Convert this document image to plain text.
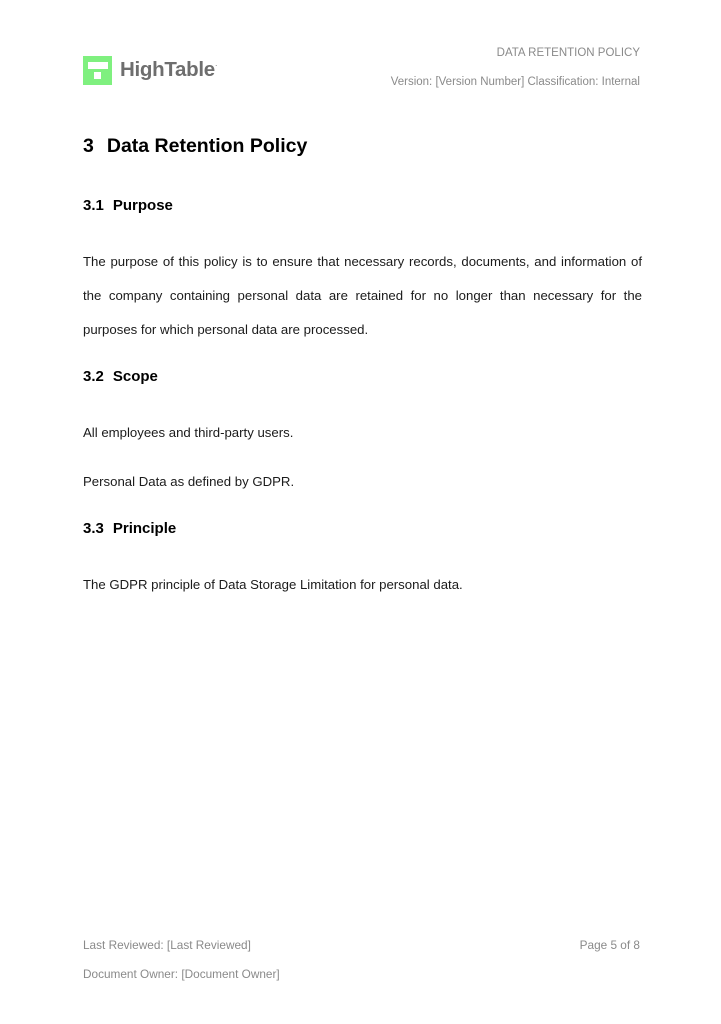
HighTable·
DATA RETENTION POLICY
Version: [Version Number] Classification: Internal
3 Data Retention Policy
3.1 Purpose

The purpose of this policy is to ensure that necessary records, documents, and information of the company containing personal data are retained for no longer than necessary for the purposes for which personal data are processed.

3.2 Scope

All employees and third-party users.

Personal Data as defined by GDPR.

3.3 Principle

The GDPR principle of Data Storage Limitation for personal data.

Last Reviewed: [Last Reviewed]	Page 5 of 8
Document Owner: [Document Owner]
